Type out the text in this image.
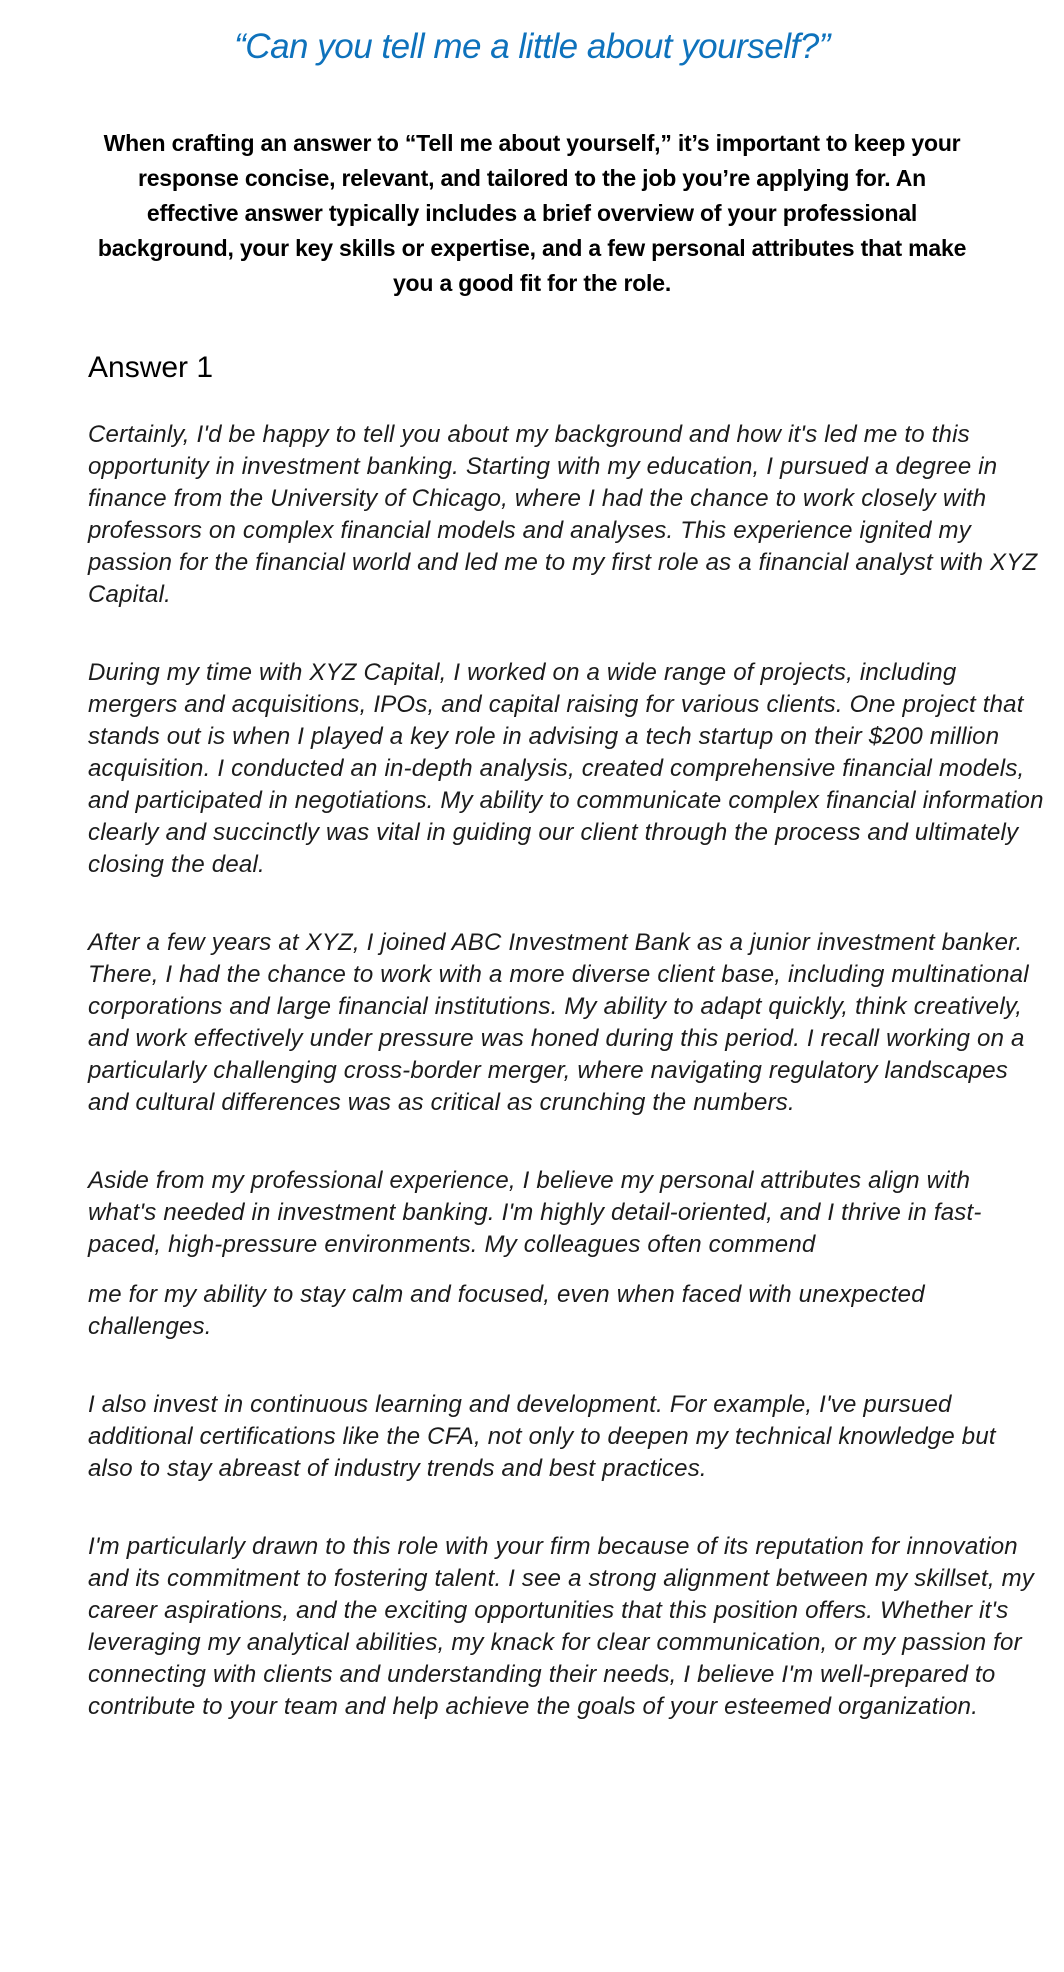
“Can you tell me a little about yourself?”

When crafting an answer to “Tell me about yourself,” it’s important to keep your response concise, relevant, and tailored to the job you’re applying for. An effective answer typically includes a brief overview of your professional background, your key skills or expertise, and a few personal attributes that make you a good fit for the role.

Answer 1

Certainly, I'd be happy to tell you about my background and how it's led me to this opportunity in investment banking. Starting with my education, I pursued a degree in finance from the University of Chicago, where I had the chance to work closely with professors on complex financial models and analyses. This experience ignited my passion for the financial world and led me to my first role as a financial analyst with XYZ Capital.

During my time with XYZ Capital, I worked on a wide range of projects, including mergers and acquisitions, IPOs, and capital raising for various clients. One project that stands out is when I played a key role in advising a tech startup on their $200 million acquisition. I conducted an in-depth analysis, created comprehensive financial models, and participated in negotiations. My ability to communicate complex financial information clearly and succinctly was vital in guiding our client through the process and ultimately closing the deal.

After a few years at XYZ, I joined ABC Investment Bank as a junior investment banker. There, I had the chance to work with a more diverse client base, including multinational corporations and large financial institutions. My ability to adapt quickly, think creatively, and work effectively under pressure was honed during this period. I recall working on a particularly challenging cross-border merger, where navigating regulatory landscapes and cultural differences was as critical as crunching the numbers.

Aside from my professional experience, I believe my personal attributes align with what's needed in investment banking. I'm highly detail-oriented, and I thrive in fast-paced, high-pressure environments. My colleagues often commend

me for my ability to stay calm and focused, even when faced with unexpected challenges.

I also invest in continuous learning and development. For example, I've pursued additional certifications like the CFA, not only to deepen my technical knowledge but also to stay abreast of industry trends and best practices.

I'm particularly drawn to this role with your firm because of its reputation for innovation and its commitment to fostering talent. I see a strong alignment between my skillset, my career aspirations, and the exciting opportunities that this position offers. Whether it's leveraging my analytical abilities, my knack for clear communication, or my passion for connecting with clients and understanding their needs, I believe I'm well-prepared to contribute to your team and help achieve the goals of your esteemed organization.
